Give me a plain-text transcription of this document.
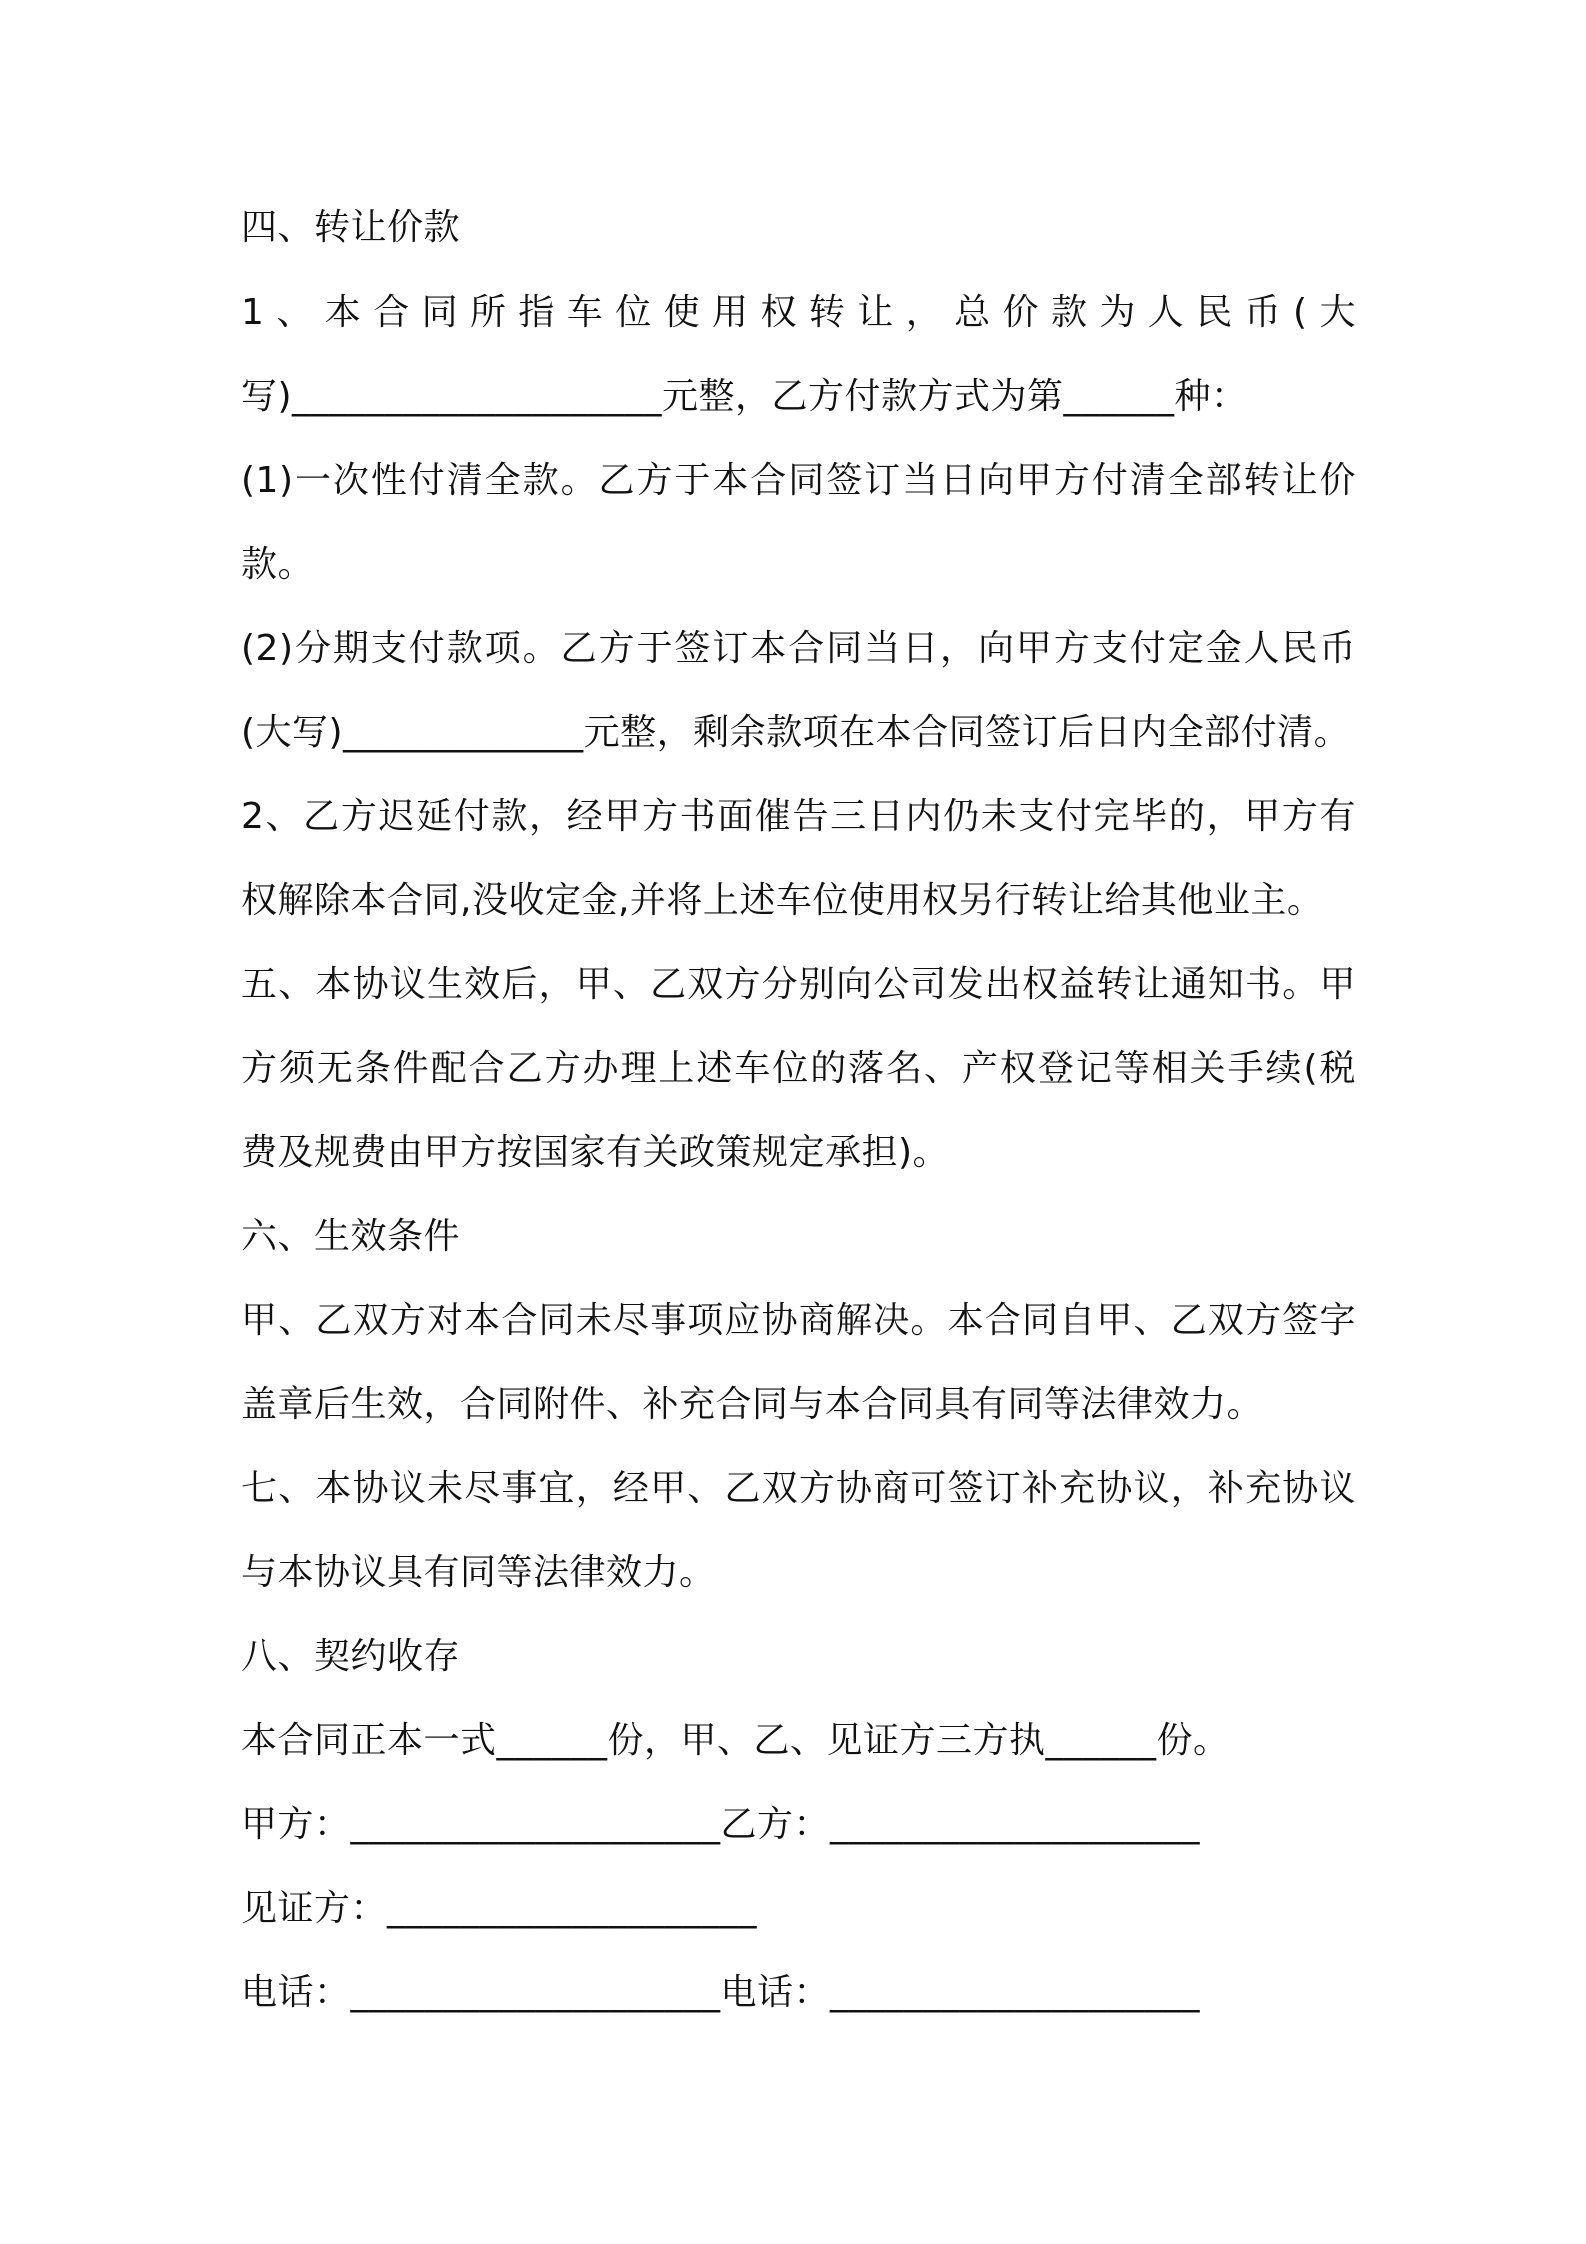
四、转让价款
1、本合同所指车位使用权转让，总价款为人民币(大
写)____________________元整，乙方付款方式为第______种：
(1)一次性付清全款。乙方于本合同签订当日向甲方付清全部转让价
款。
(2)分期支付款项。乙方于签订本合同当日，向甲方支付定金人民币
(大写)_____________元整，剩余款项在本合同签订后日内全部付清。
2、乙方迟延付款，经甲方书面催告三日内仍未支付完毕的，甲方有
权解除本合同,没收定金,并将上述车位使用权另行转让给其他业主。
五、本协议生效后，甲、乙双方分别向公司发出权益转让通知书。甲
方须无条件配合乙方办理上述车位的落名、产权登记等相关手续(税
费及规费由甲方按国家有关政策规定承担)。
六、生效条件
甲、乙双方对本合同未尽事项应协商解决。本合同自甲、乙双方签字
盖章后生效，合同附件、补充合同与本合同具有同等法律效力。
七、本协议未尽事宜，经甲、乙双方协商可签订补充协议，补充协议
与本协议具有同等法律效力。
八、契约收存
本合同正本一式______份，甲、乙、见证方三方执______份。
甲方：____________________乙方：____________________
见证方：____________________
电话：____________________电话：____________________
